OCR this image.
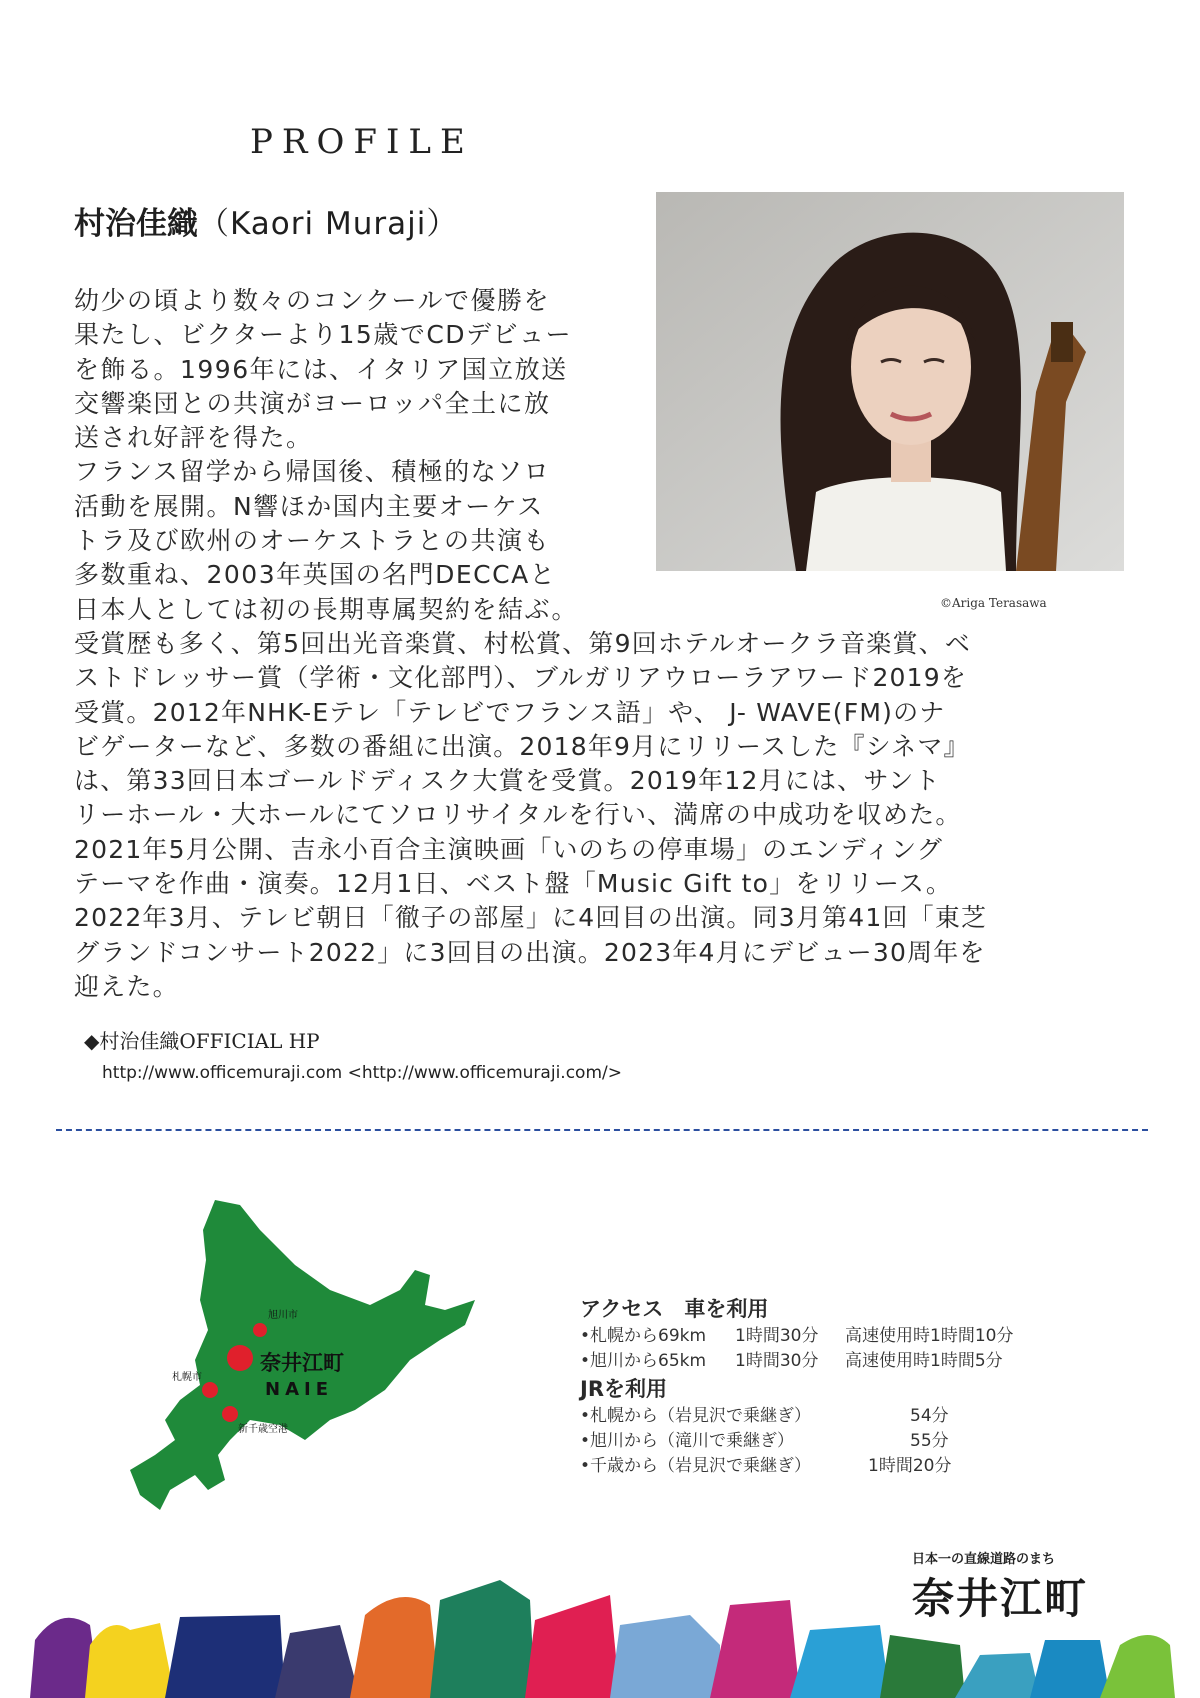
PROFILE
村治佳織（Kaori Muraji）
幼少の頃より数々のコンクールで優勝を
果たし、ビクターより15歳でCDデビュー
を飾る。1996年には、イタリア国立放送
交響楽団との共演がヨーロッパ全土に放
送され好評を得た。
フランス留学から帰国後、積極的なソロ
活動を展開。N響ほか国内主要オーケス
トラ及び欧州のオーケストラとの共演も
多数重ね、2003年英国の名門DECCAと
日本人としては初の長期専属契約を結ぶ。	©Ariga Terasawa
受賞歴も多く、第5回出光音楽賞、村松賞、第9回ホテルオークラ音楽賞、ベ
ストドレッサー賞（学術・文化部門）、ブルガリアウローラアワード2019を
受賞。2012年NHK-Eテレ「テレビでフランス語」や、 J- WAVE(FM)のナ
ビゲーターなど、多数の番組に出演。2018年9月にリリースした『シネマ』
は、第33回日本ゴールドディスク大賞を受賞。2019年12月には、サント
リーホール・大ホールにてソロリサイタルを行い、満席の中成功を収めた。
2021年5月公開、吉永小百合主演映画「いのちの停車場」のエンディング
テーマを作曲・演奏。12月1日、ベスト盤「Music Gift to」をリリース。
2022年3月、テレビ朝日「徹子の部屋」に4回目の出演。同3月第41回「東芝
グランドコンサート2022」に3回目の出演。2023年4月にデビュー30周年を
迎えた。
◆村治佳織OFFICIAL HP
http://www.officemuraji.com <http://www.officemuraji.com/>
旭川市
札幌市
新千歳空港
奈井江町
NAIE

アクセス　車を利用

•札幌から69km 1時間30分 高速使用時1時間10分
•旭川から65km 1時間30分 高速使用時1時間5分

JRを利用

•札幌から（岩見沢で乗継ぎ）	54分
•旭川から（滝川で乗継ぎ）	55分
•千歳から（岩見沢で乗継ぎ）	1時間20分
日本一の直線道路のまち
奈井江町
